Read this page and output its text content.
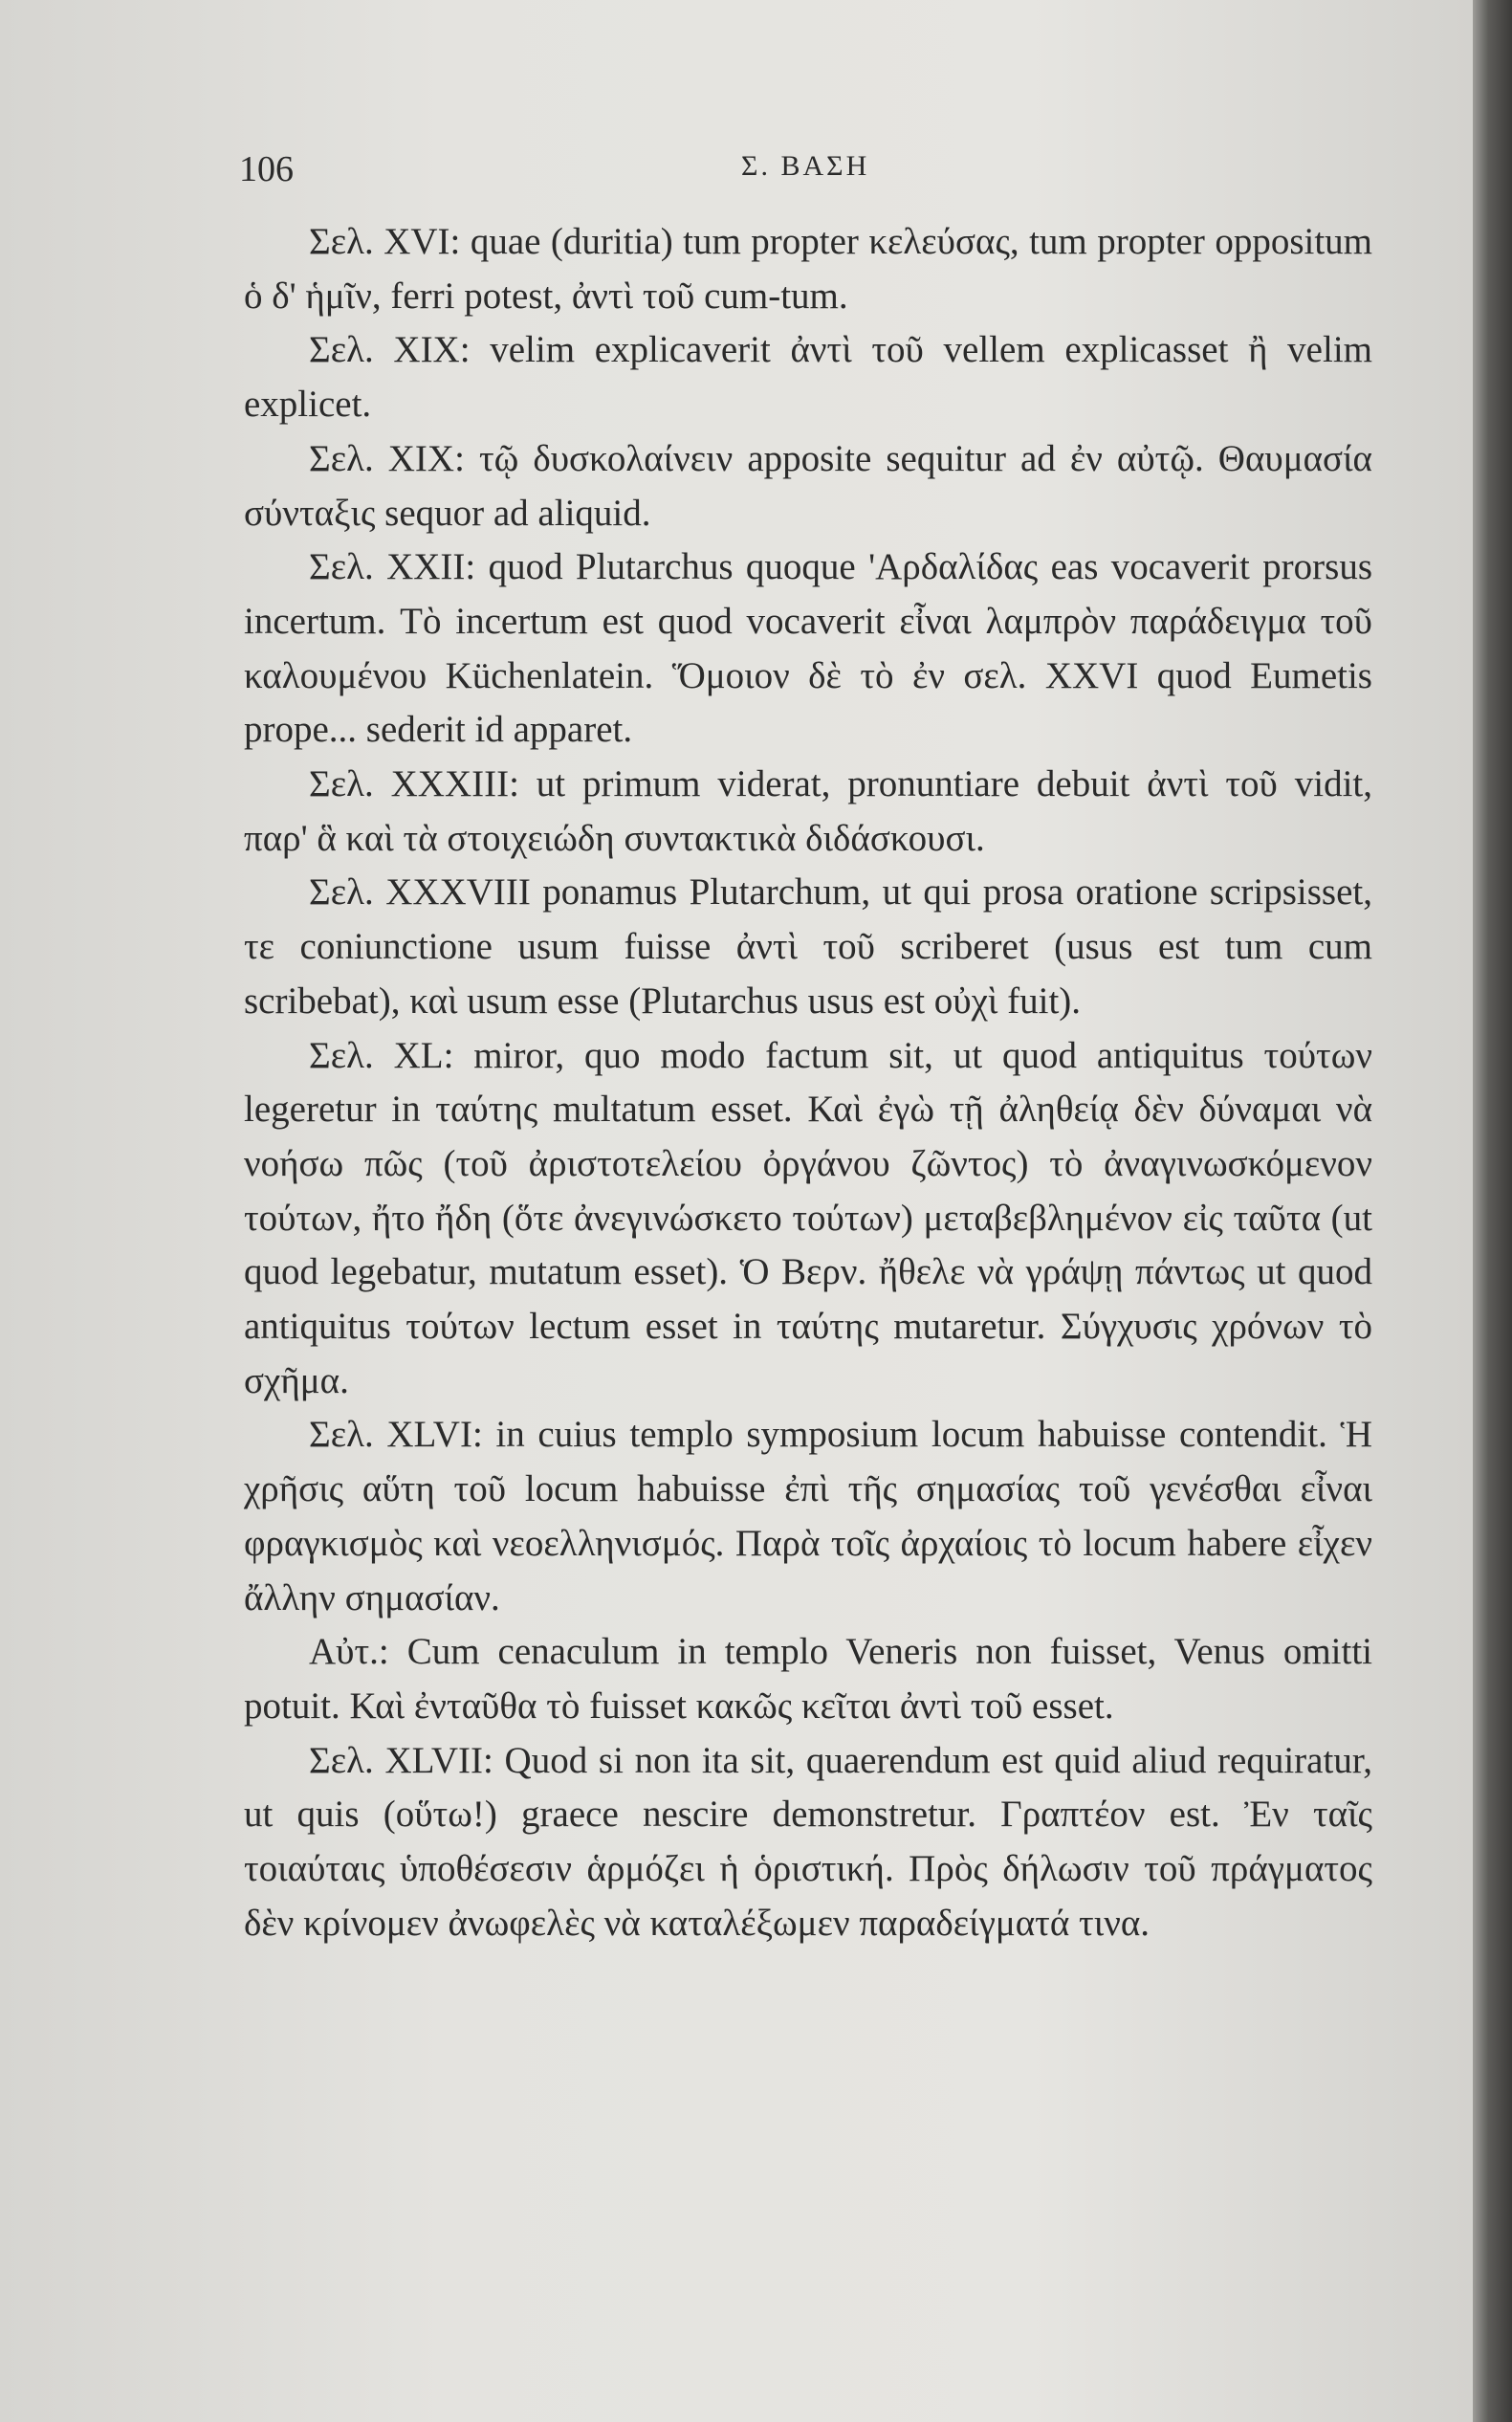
106	Σ. ΒΑΣΗ

Σελ. XVI: quae (duritia) tum propter κελεύσας, tum propter oppositum ὁ δ' ἡμῖν, ferri potest, ἀντὶ τοῦ cum-tum.

Σελ. XIX: velim explicaverit ἀντὶ τοῦ vellem explicasset ἢ velim explicet.

Σελ. XIX: τῷ δυσκολαίνειν apposite sequitur ad ἐν αὐτῷ. Θαυμασία σύνταξις sequor ad aliquid.

Σελ. XXII: quod Plutarchus quoque 'Αρδαλίδας eas vocaverit prorsus incertum. Τὸ incertum est quod vocaverit εἶναι λαμπρὸν παράδειγμα τοῦ καλουμένου Küchenlatein. Ὅμοιον δὲ τὸ ἐν σελ. XXVI quod Eumetis prope... sederit id apparet.

Σελ. XXXIII: ut primum viderat, pronuntiare debuit ἀντὶ τοῦ vidit, παρ' ἃ καὶ τὰ στοιχειώδη συντακτικὰ διδάσκουσι.

Σελ. XXXVIII ponamus Plutarchum, ut qui prosa oratione scripsisset, τε coniunctione usum fuisse ἀντὶ τοῦ scriberet (usus est tum cum scribebat), καὶ usum esse (Plutarchus usus est οὐχὶ fuit).

Σελ. XL: miror, quo modo factum sit, ut quod antiquitus τούτων legeretur in ταύτης multatum esset. Καὶ ἐγὼ τῇ ἀληθείᾳ δὲν δύναμαι νὰ νοήσω πῶς (τοῦ ἀριστοτελείου ὀργάνου ζῶντος) τὸ ἀναγινωσκόμενον τούτων, ἤτο ἤδη (ὅτε ἀνεγινώσκετο τούτων) μεταβεβλημένον εἰς ταῦτα (ut quod legebatur, mutatum esset). Ὁ Βερν. ἤθελε νὰ γράψῃ πάντως ut quod antiquitus τούτων lectum esset in ταύτης mutaretur. Σύγχυσις χρόνων τὸ σχῆμα.

Σελ. XLVI: in cuius templo symposium locum habuisse contendit. Ἡ χρῆσις αὕτη τοῦ locum habuisse ἐπὶ τῆς σημασίας τοῦ γενέσθαι εἶναι φραγκισμὸς καὶ νεοελληνισμός. Παρὰ τοῖς ἀρχαίοις τὸ locum habere εἶχεν ἄλλην σημασίαν.

Αὐτ.: Cum cenaculum in templo Veneris non fuisset, Venus omitti potuit. Καὶ ἐνταῦθα τὸ fuisset κακῶς κεῖται ἀντὶ τοῦ esset.

Σελ. XLVII: Quod si non ita sit, quaerendum est quid aliud requiratur, ut quis (οὕτω!) graece nescire demonstretur. Γραπτέον est. Ἐν ταῖς τοιαύταις ὑποθέσεσιν ἁρμόζει ἡ ὁριστική. Πρὸς δήλωσιν τοῦ πράγματος δὲν κρίνομεν ἀνωφελὲς νὰ καταλέξωμεν παραδείγματά τινα.
